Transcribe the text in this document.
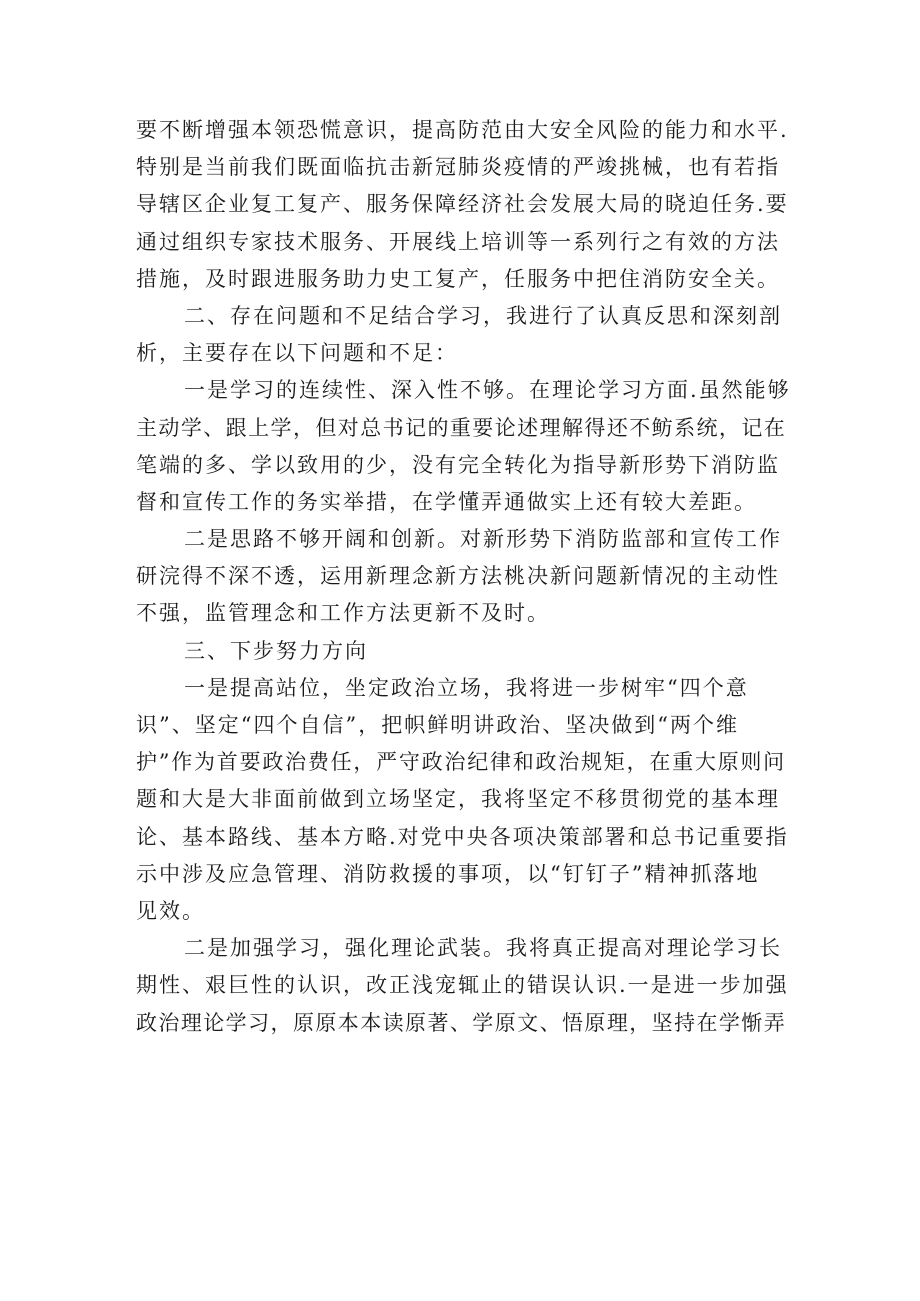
要不断增强本领恐慌意识，提高防范由大安全风险的能力和水平.
特别是当前我们既面临抗击新冠肺炎疫情的严竣挑械，也有若指
导辖区企业复工复产、服务保障经济社会发展大局的晓迫任务.要
通过组织专家技术服务、开展线上培训等一系列行之有效的方法
措施，及时跟进服务助力史工复产，任服务中把住消防安全关。
二、存在问题和不足结合学习，我进行了认真反思和深刻剖
析，主要存在以下问题和不足：
一是学习的连续性、深入性不够。在理论学习方面.虽然能够
主动学、跟上学，但对总书记的重要论述理解得还不鲂系统，记在
笔端的多、学以致用的少，没有完全转化为指导新形势下消防监
督和宣传工作的务实举措，在学懂弄通做实上还有较大差距。
二是思路不够开阔和创新。对新形势下消防监部和宣传工作
研浣得不深不透，运用新理念新方法桃决新问题新情况的主动性
不强，监管理念和工作方法更新不及时。
三、下步努力方向
一是提高站位，坐定政治立场，我将进一步树牢“四个意
识”、坚定“四个自信”，把帜鲜明讲政治、坚决做到“两个维
护”作为首要政治费任，严守政治纪律和政治规矩，在重大原则问
题和大是大非面前做到立场坚定，我将坚定不移贯彻党的基本理
论、基本路线、基本方略.对党中央各项决策部署和总书记重要指
示中涉及应急管理、消防救援的事项，以“钉钉子”精神抓落地
见效。
二是加强学习，强化理论武装。我将真正提高对理论学习长
期性、艰巨性的认识，改正浅宠辄止的错误认识.一是进一步加强
政治理论学习，原原本本读原著、学原文、悟原理，坚持在学惭弄
